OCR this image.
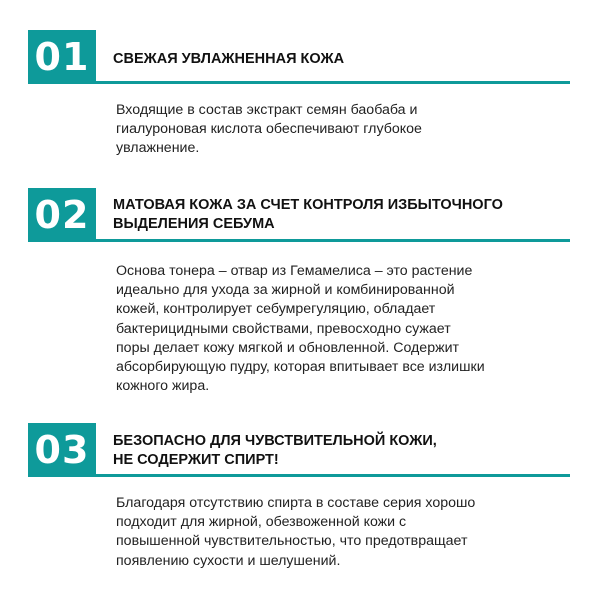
01	СВЕЖАЯ УВЛАЖНЕННАЯ КОЖА
Входящие в состав экстракт семян баобаба и
гиалуроновая кислота обеспечивают глубокое
увлажнение.
02	МАТОВАЯ КОЖА ЗА СЧЕТ КОНТРОЛЯ ИЗБЫТОЧНОГО
ВЫДЕЛЕНИЯ СЕБУМА
Основа тонера – отвар из Гемамелиса – это растение
идеально для ухода за жирной и комбинированной
кожей, контролирует себумрегуляцию, обладает
бактерицидными свойствами, превосходно сужает
поры делает кожу мягкой и обновленной. Содержит
абсорбирующую пудру, которая впитывает все излишки
кожного жира.
03	БЕЗОПАСНО ДЛЯ ЧУВСТВИТЕЛЬНОЙ КОЖИ,
НЕ СОДЕРЖИТ СПИРТ!
Благодаря отсутствию спирта в составе серия хорошо
подходит для жирной, обезвоженной кожи с
повышенной чувствительностью, что предотвращает
появлению сухости и шелушений.
